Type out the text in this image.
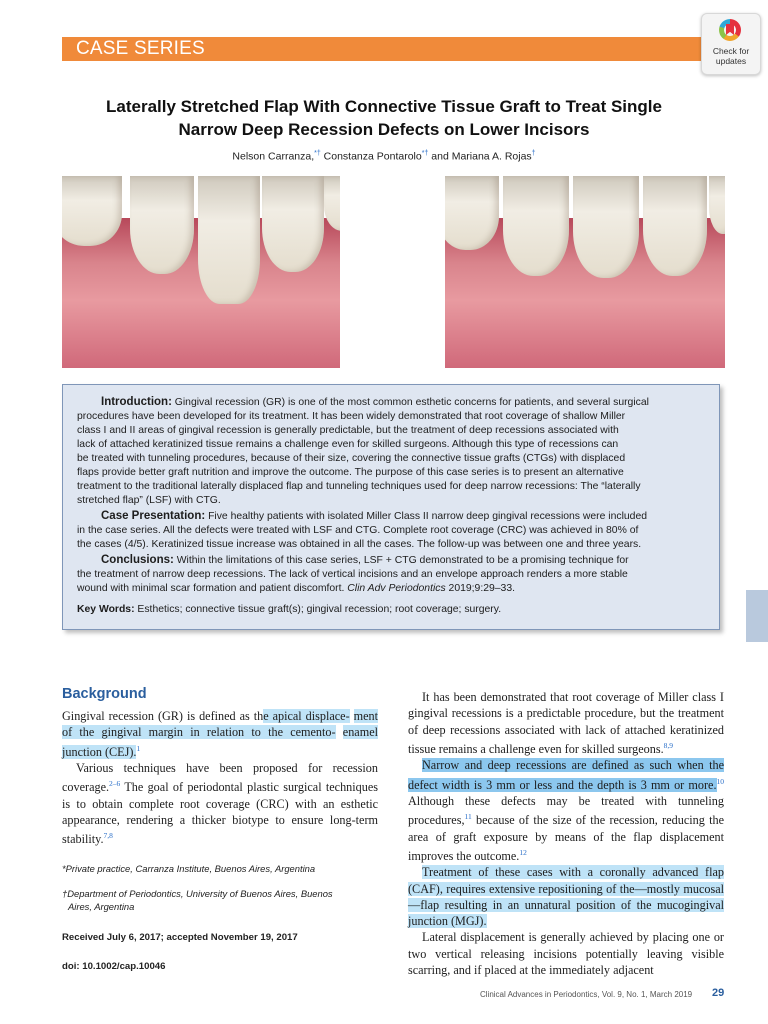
CASE SERIES	Check for
updates
Laterally Stretched Flap With Connective Tissue Graft to Treat Single
Narrow Deep Recession Defects on Lower Incisors
Nelson Carranza,*† Constanza Pontarolo*† and Mariana A. Rojas†
Introduction: Gingival recession (GR) is one of the most common esthetic concerns for patients, and several surgical
procedures have been developed for its treatment. It has been widely demonstrated that root coverage of shallow Miller
class I and II areas of gingival recession is generally predictable, but the treatment of deep recessions associated with
lack of attached keratinized tissue remains a challenge even for skilled surgeons. Although this type of recessions can
be treated with tunneling procedures, because of their size, covering the connective tissue grafts (CTGs) with displaced
flaps provide better graft nutrition and improve the outcome. The purpose of this case series is to present an alternative
treatment to the traditional laterally displaced flap and tunneling techniques used for deep narrow recessions: The “laterally
stretched flap” (LSF) with CTG.
Case Presentation: Five healthy patients with isolated Miller Class II narrow deep gingival recessions were included
in the case series. All the defects were treated with LSF and CTG. Complete root coverage (CRC) was achieved in 80% of
the cases (4/5). Keratinized tissue increase was obtained in all the cases. The follow-up was between one and three years.
Conclusions: Within the limitations of this case series, LSF + CTG demonstrated to be a promising technique for
the treatment of narrow deep recessions. The lack of vertical incisions and an envelope approach renders a more stable
wound with minimal scar formation and patient discomfort. Clin Adv Periodontics 2019;9:29–33.
Key Words: Esthetics; connective tissue graft(s); gingival recession; root coverage; surgery.
Background
Gingival recession (GR) is defined as the apical displace- ment of the gingival margin in relation to the cemento- enamel junction (CEJ).$^1$
Various techniques have been proposed for recession coverage.$^{2-6}$ The goal of periodontal plastic surgical techniques is to obtain complete root coverage (CRC) with an esthetic appearance, rendering a thicker biotype to ensure long-term stability.$^{7,8}$
*Private practice, Carranza Institute, Buenos Aires, Argentina
†Department of Periodontics, University of Buenos Aires, Buenos
Aires, Argentina
Received July 6, 2017; accepted November 19, 2017
doi: 10.1002/cap.10046
It has been demonstrated that root coverage of Miller class I gingival recessions is a predictable procedure, but the treatment of deep recessions associated with lack of attached keratinized tissue remains a challenge even for skilled surgeons.$^{8,9}$
Narrow and deep recessions are defined as such when the defect width is 3 mm or less and the depth is 3 mm or more.$^{10}$ Although these defects may be treated with tunneling procedures,$^{11}$ because of the size of the recession, reducing the area of graft exposure by means of the flap displacement improves the outcome.$^{12}$
Treatment of these cases with a coronally advanced flap (CAF), requires extensive repositioning of the—mostly mucosal—flap resulting in an unnatural position of the mucogingival junction (MGJ).
Lateral displacement is generally achieved by placing one or two vertical releasing incisions potentially leaving visible scarring, and if placed at the immediately adjacent
Clinical Advances in Periodontics, Vol. 9, No. 1, March 2019 29
